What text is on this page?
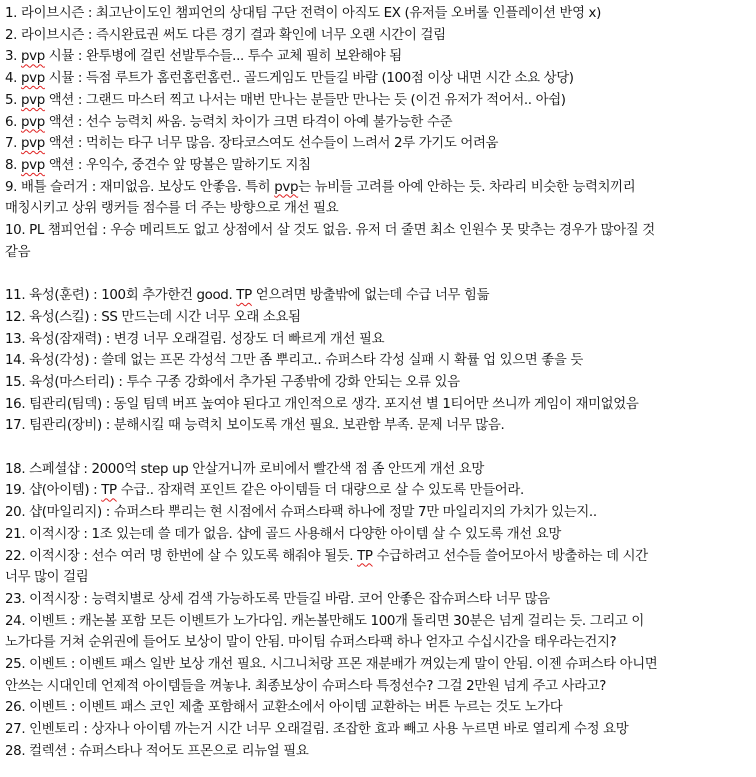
1. 라이브시즌 : 최고난이도인 챔피언의 상대팀 구단 전력이 아직도 EX (유저들 오버롤 인플레이션 반영 x)
2. 라이브시즌 : 즉시완료권 써도 다른 경기 결과 확인에 너무 오랜 시간이 걸림
3. pvp 시뮬 : 완투병에 걸린 선발투수들... 투수 교체 필히 보완해야 됨
4. pvp 시뮬 : 득점 루트가 홈런홈런홈런.. 골드게임도 만들길 바람 (100점 이상 내면 시간 소요 상당)
5. pvp 액션 : 그랜드 마스터 찍고 나서는 매번 만나는 분들만 만나는 듯 (이건 유저가 적어서.. 아쉽)
6. pvp 액션 : 선수 능력치 싸움. 능력치 차이가 크면 타격이 아예 불가능한 수준
7. pvp 액션 : 먹히는 타구 너무 많음. 장타코스여도 선수들이 느려서 2루 가기도 어려움
8. pvp 액션 : 우익수, 중견수 앞 땅볼은 말하기도 지침
9. 배틀 슬러거 : 재미없음. 보상도 안좋음. 특히 pvp는 뉴비들 고려를 아예 안하는 듯. 차라리 비슷한 능력치끼리
매칭시키고 상위 랭커들 점수를 더 주는 방향으로 개선 필요
10. PL 챔피언쉽 : 우승 메리트도 없고 상점에서 살 것도 없음. 유저 더 줄면 최소 인원수 못 맞추는 경우가 많아질 것
같음
11. 육성(훈련) : 100회 추가한건 good. TP 얻으려면 방출밖에 없는데 수급 너무 힘듦
12. 육성(스킬) : SS 만드는데 시간 너무 오래 소요됨
13. 육성(잠재력) : 변경 너무 오래걸림. 성장도 더 빠르게 개선 필요
14. 육성(각성) : 쓸데 없는 프몬 각성석 그만 좀 뿌리고.. 슈퍼스타 각성 실패 시 확률 업 있으면 좋을 듯
15. 육성(마스터리) : 투수 구종 강화에서 추가된 구종밖에 강화 안되는 오류 있음
16. 팀관리(팀덱) : 동일 팀덱 버프 높여야 된다고 개인적으로 생각. 포지션 별 1티어만 쓰니까 게임이 재미없었음
17. 팀관리(장비) : 분해시킬 때 능력치 보이도록 개선 필요. 보관함 부족. 문제 너무 많음.
18. 스페셜샵 : 2000억 step up 안살거니까 로비에서 빨간색 점 좀 안뜨게 개선 요망
19. 샵(아이템) : TP 수급.. 잠재력 포인트 같은 아이템들 더 대량으로 살 수 있도록 만들어라.
20. 샵(마일리지) : 슈퍼스타 뿌리는 현 시점에서 슈퍼스타팩 하나에 정말 7만 마일리지의 가치가 있는지..
21. 이적시장 : 1조 있는데 쓸 데가 없음. 샵에 골드 사용해서 다양한 아이템 살 수 있도록 개선 요망
22. 이적시장 : 선수 여러 명 한번에 살 수 있도록 해줘야 될듯. TP 수급하려고 선수들 쓸어모아서 방출하는 데 시간
너무 많이 걸림
23. 이적시장 : 능력치별로 상세 검색 가능하도록 만들길 바람. 코어 안좋은 잡슈퍼스타 너무 많음
24. 이벤트 : 캐논볼 포함 모든 이벤트가 노가다임. 캐논볼만해도 100개 돌리면 30분은 넘게 걸리는 듯. 그리고 이
노가다를 거쳐 순위권에 들어도 보상이 말이 안됨. 마이팀 슈퍼스타팩 하나 얻자고 수십시간을 태우라는건지?
25. 이벤트 : 이벤트 패스 일반 보상 개선 필요. 시그니처랑 프몬 재분배가 껴있는게 말이 안됨. 이젠 슈퍼스타 아니면
안쓰는 시대인데 언제적 아이템들을 껴놓냐. 최종보상이 슈퍼스타 특정선수? 그걸 2만원 넘게 주고 사라고?
26. 이벤트 : 이벤트 패스 코인 제출 포함해서 교환소에서 아이템 교환하는 버튼 누르는 것도 노가다
27. 인벤토리 : 상자나 아이템 까는거 시간 너무 오래걸림. 조잡한 효과 빼고 사용 누르면 바로 열리게 수정 요망
28. 컬렉션 : 슈퍼스타나 적어도 프몬으로 리뉴얼 필요
